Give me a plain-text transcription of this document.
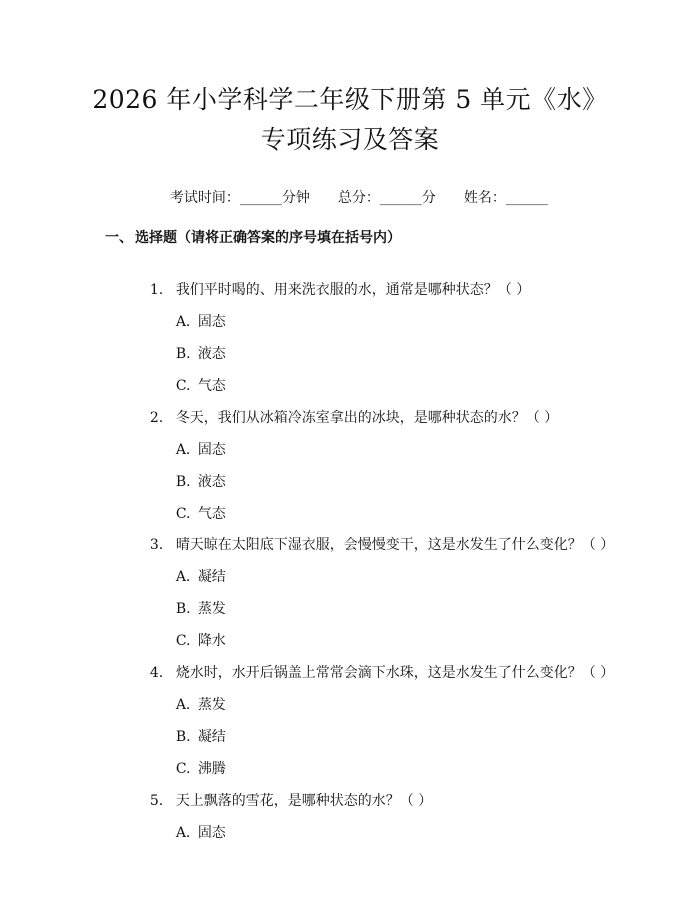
2026 年小学科学二年级下册第 5 单元《水》
专项练习及答案

考试时间：______分钟 总分：______分 姓名：______

一、 选择题（请将正确答案的序号填在括号内）

1. 我们平时喝的、用来洗衣服的水，通常是哪种状态？（ ）

A. 固态

B. 液态

C. 气态

2. 冬天，我们从冰箱冷冻室拿出的冰块，是哪种状态的水？（ ）

A. 固态

B. 液态

C. 气态

3. 晴天晾在太阳底下湿衣服，会慢慢变干，这是水发生了什么变化？（ ）

A. 凝结

B. 蒸发

C. 降水

4. 烧水时，水开后锅盖上常常会滴下水珠，这是水发生了什么变化？（ ）

A. 蒸发

B. 凝结

C. 沸腾

5. 天上飘落的雪花，是哪种状态的水？（ ）

A. 固态
